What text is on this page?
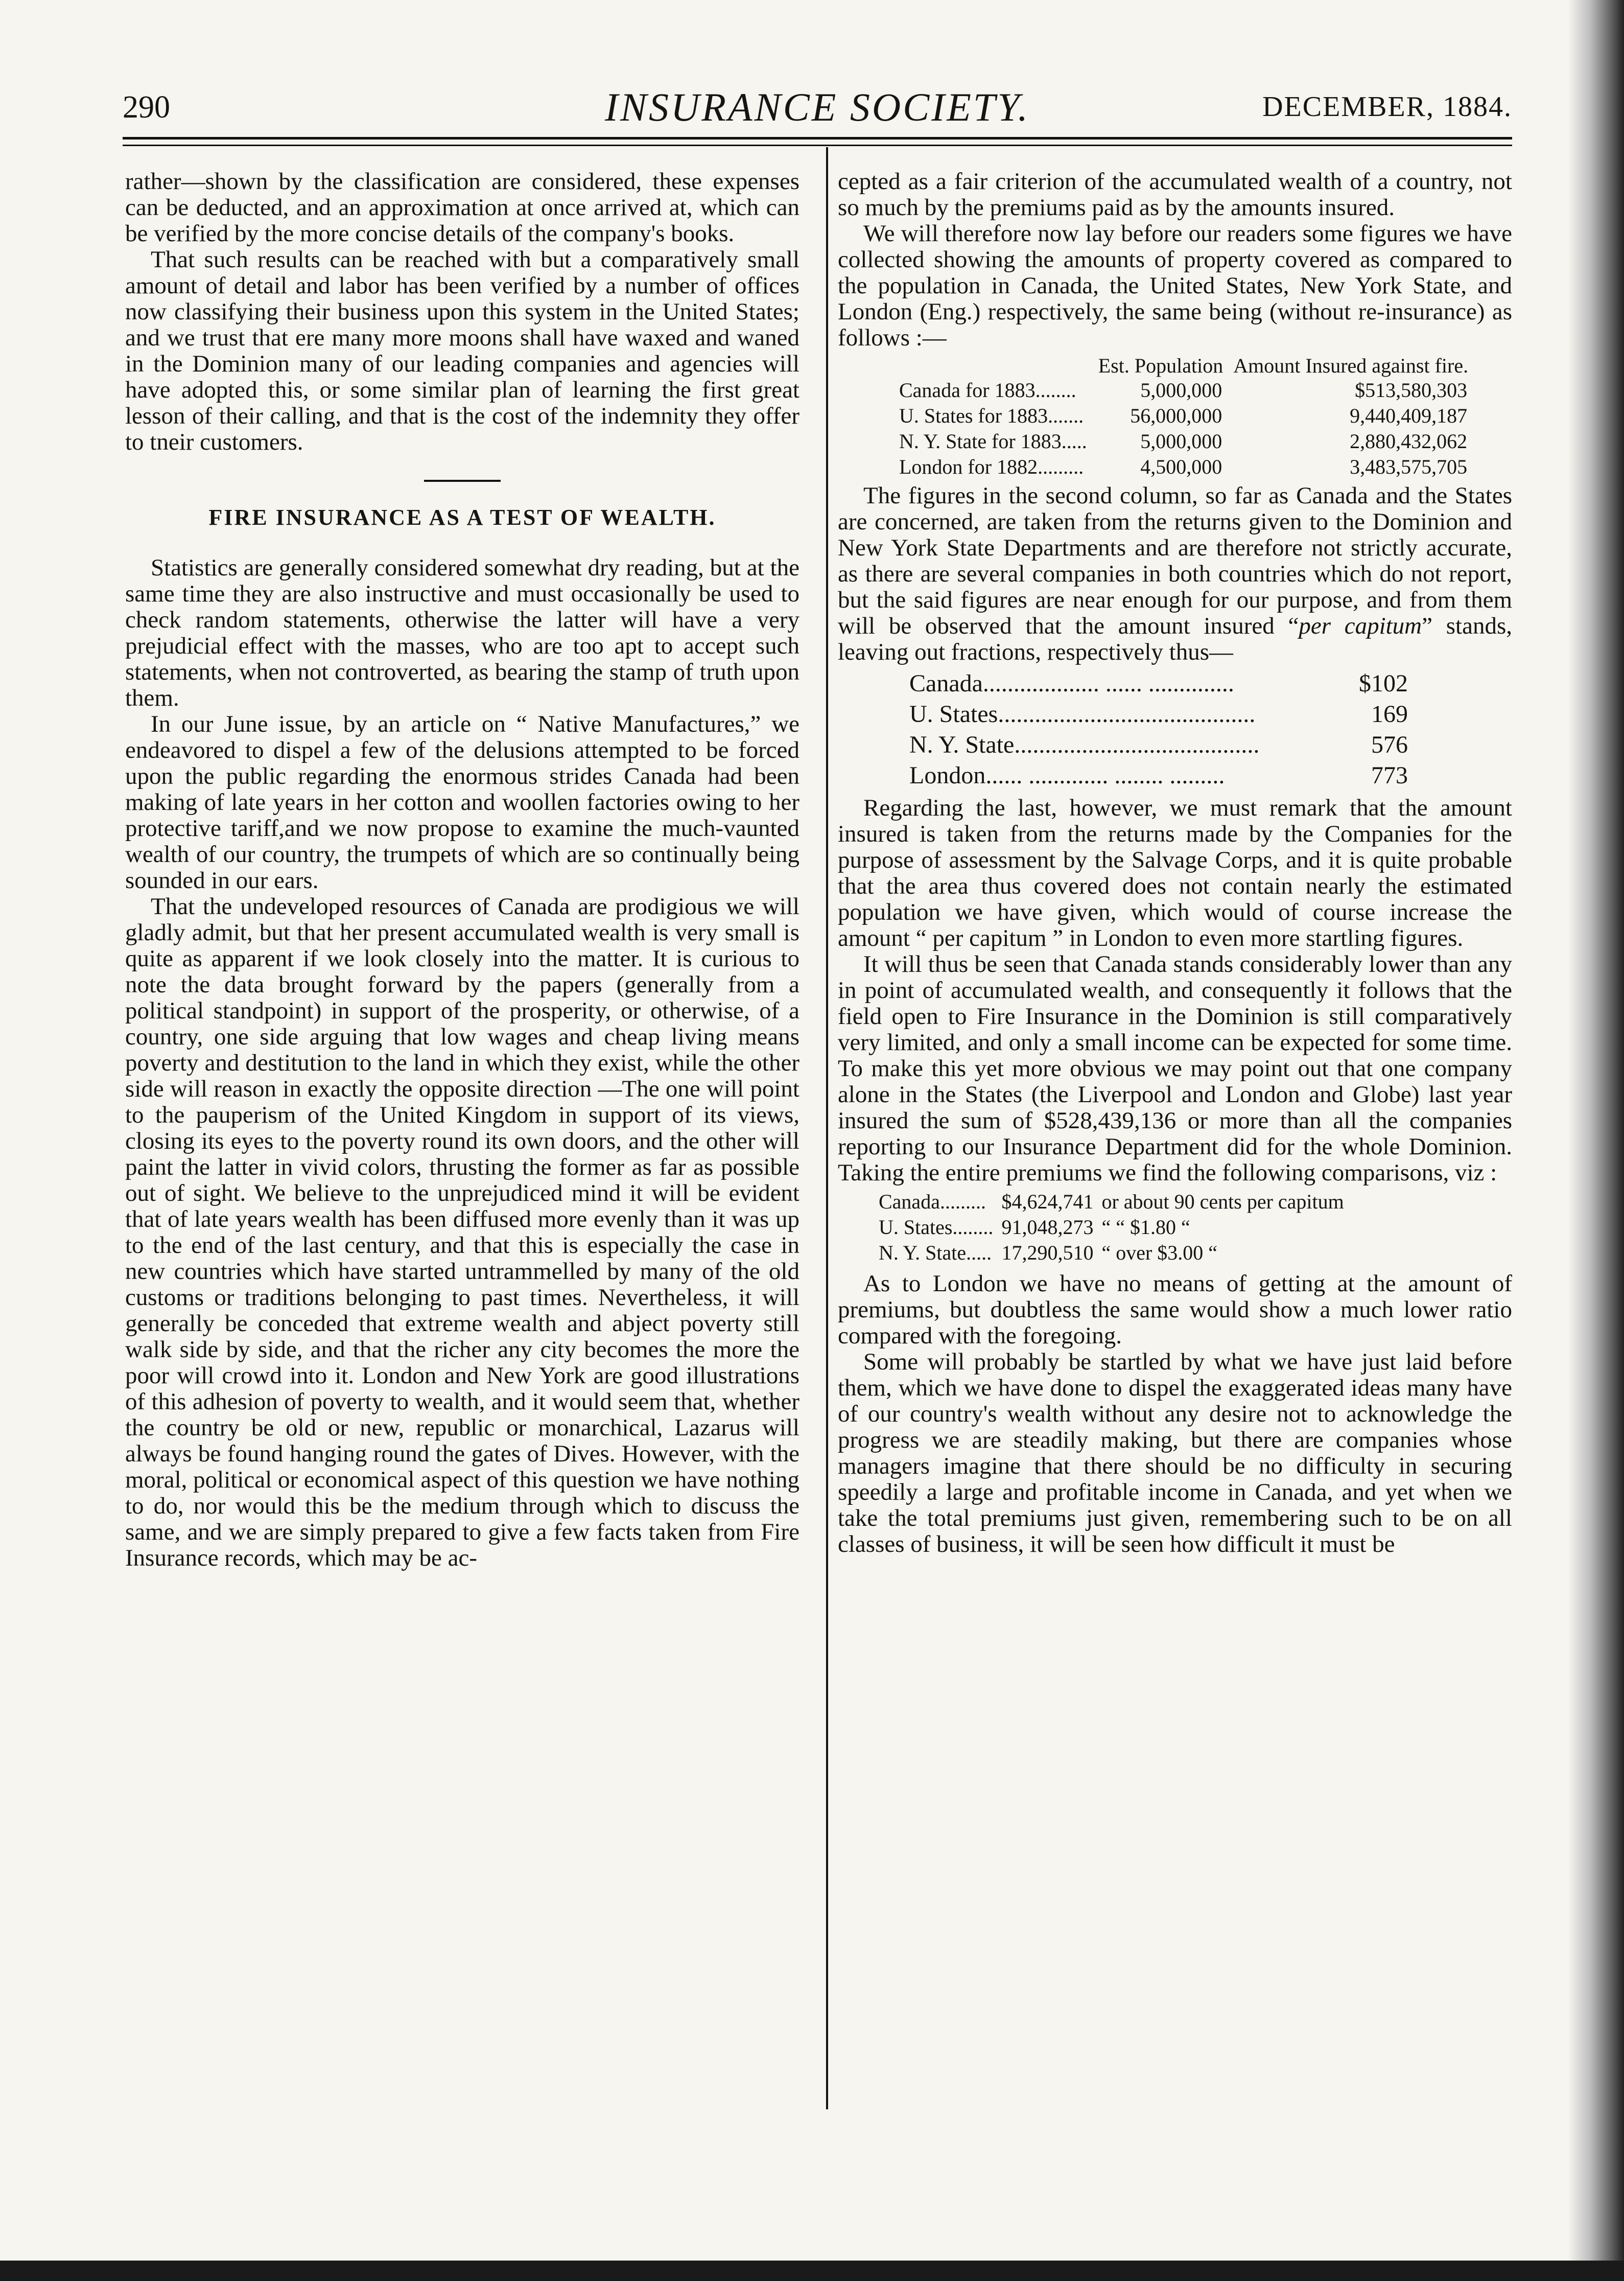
290	INSURANCE SOCIETY.	DECEMBER, 1884.

rather—shown by the classification are considered, these expenses can be deducted, and an approximation at once arrived at, which can be verified by the more concise details of the company's books.

That such results can be reached with but a comparatively small amount of detail and labor has been verified by a number of offices now classifying their business upon this system in the United States; and we trust that ere many more moons shall have waxed and waned in the Dominion many of our leading companies and agencies will have adopted this, or some similar plan of learning the first great lesson of their calling, and that is the cost of the indemnity they offer to tneir customers.

FIRE INSURANCE AS A TEST OF WEALTH.

Statistics are generally considered somewhat dry reading, but at the same time they are also instructive and must occasionally be used to check random statements, otherwise the latter will have a very prejudicial effect with the masses, who are too apt to accept such statements, when not controverted, as bearing the stamp of truth upon them.

In our June issue, by an article on “ Native Manufactures,” we endeavored to dispel a few of the delusions attempted to be forced upon the public regarding the enormous strides Canada had been making of late years in her cotton and woollen factories owing to her protective tariff,and we now propose to examine the much-vaunted wealth of our country, the trumpets of which are so continually being sounded in our ears.

That the undeveloped resources of Canada are prodigious we will gladly admit, but that her present accumulated wealth is very small is quite as apparent if we look closely into the matter. It is curious to note the data brought forward by the papers (generally from a political standpoint) in support of the prosperity, or otherwise, of a country, one side arguing that low wages and cheap living means poverty and destitution to the land in which they exist, while the other side will reason in exactly the opposite direction —The one will point to the pauperism of the United Kingdom in support of its views, closing its eyes to the poverty round its own doors, and the other will paint the latter in vivid colors, thrusting the former as far as possible out of sight. We believe to the unprejudiced mind it will be evident that of late years wealth has been diffused more evenly than it was up to the end of the last century, and that this is especially the case in new countries which have started untrammelled by many of the old customs or traditions belonging to past times. Nevertheless, it will generally be conceded that extreme wealth and abject poverty still walk side by side, and that the richer any city becomes the more the poor will crowd into it. London and New York are good illustrations of this adhesion of poverty to wealth, and it would seem that, whether the country be old or new, republic or monarchical, Lazarus will always be found hanging round the gates of Dives. However, with the moral, political or economical aspect of this question we have nothing to do, nor would this be the medium through which to discuss the same, and we are simply prepared to give a few facts taken from Fire Insurance records, which may be ac-

cepted as a fair criterion of the accumulated wealth of a country, not so much by the premiums paid as by the amounts insured.

We will therefore now lay before our readers some figures we have collected showing the amounts of property covered as compared to the population in Canada, the United States, New York State, and London (Eng.) respectively, the same being (without re-insurance) as follows :—

	Est. Population	Amount Insured against fire.
Canada for 1883........	5,000,000	$513,580,303
U. States for 1883.......	56,000,000	9,440,409,187
N. Y. State for 1883.....	5,000,000	2,880,432,062
London for 1882.........	4,500,000	3,483,575,705

The figures in the second column, so far as Canada and the States are concerned, are taken from the returns given to the Dominion and New York State Departments and are therefore not strictly accurate, as there are several companies in both countries which do not report, but the said figures are near enough for our purpose, and from them will be observed that the amount insured “per capitum” stands, leaving out fractions, respectively thus—

Canada................... ...... ..............	$102
U. States..........................................	169
N. Y. State........................................	576
London...... ............. ........ .........	773

Regarding the last, however, we must remark that the amount insured is taken from the returns made by the Companies for the purpose of assessment by the Salvage Corps, and it is quite probable that the area thus covered does not contain nearly the estimated population we have given, which would of course increase the amount “ per capitum ” in London to even more startling figures.

It will thus be seen that Canada stands considerably lower than any in point of accumulated wealth, and consequently it follows that the field open to Fire Insurance in the Dominion is still comparatively very limited, and only a small income can be expected for some time. To make this yet more obvious we may point out that one company alone in the States (the Liverpool and London and Globe) last year insured the sum of $528,439,136 or more than all the companies reporting to our Insurance Department did for the whole Dominion. Taking the entire premiums we find the following comparisons, viz :

Canada.........	$4,624,741	or about 90 cents per capitum
U. States........	91,048,273	“ “ $1.80 “
N. Y. State.....	17,290,510	“ over $3.00 “

As to London we have no means of getting at the amount of premiums, but doubtless the same would show a much lower ratio compared with the foregoing.

Some will probably be startled by what we have just laid before them, which we have done to dispel the exaggerated ideas many have of our country's wealth without any desire not to acknowledge the progress we are steadily making, but there are companies whose managers imagine that there should be no difficulty in securing speedily a large and profitable income in Canada, and yet when we take the total premiums just given, remembering such to be on all classes of business, it will be seen how difficult it must be
